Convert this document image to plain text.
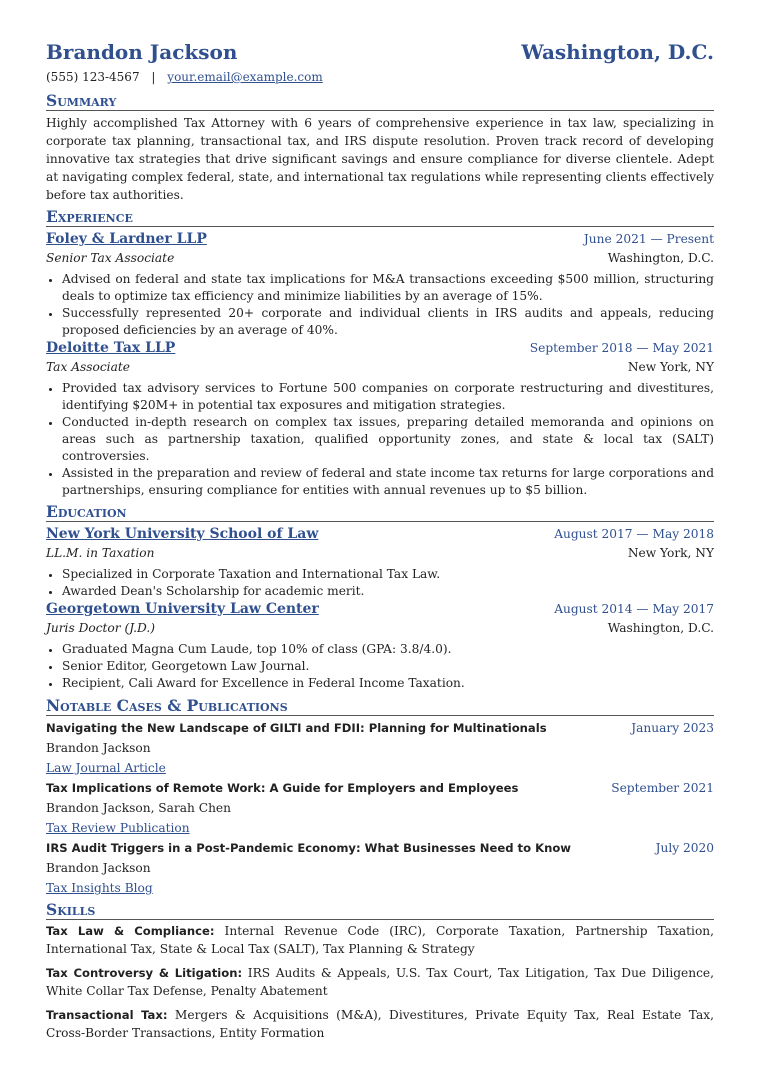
Brandon Jackson	Washington, D.C.
(555) 123-4567 | your.email@example.com
Summary
Highly accomplished Tax Attorney with 6 years of comprehensive experience in tax law, specializing in corporate tax planning, transactional tax, and IRS dispute resolution. Proven track record of developing innovative tax strategies that drive significant savings and ensure compliance for diverse clientele. Adept at navigating complex federal, state, and international tax regulations while representing clients effectively before tax authorities.
Experience
Foley & Lardner LLP	June 2021 — Present
Senior Tax Associate	Washington, D.C.
• Advised on federal and state tax implications for M&A transactions exceeding $500 million, structuring deals to optimize tax efficiency and minimize liabilities by an average of 15%.
• Successfully represented 20+ corporate and individual clients in IRS audits and appeals, reducing proposed deficiencies by an average of 40%.
Deloitte Tax LLP	September 2018 — May 2021
Tax Associate	New York, NY
• Provided tax advisory services to Fortune 500 companies on corporate restructuring and divestitures, identifying $20M+ in potential tax exposures and mitigation strategies.
• Conducted in-depth research on complex tax issues, preparing detailed memoranda and opinions on areas such as partnership taxation, qualified opportunity zones, and state & local tax (SALT) controversies.
• Assisted in the preparation and review of federal and state income tax returns for large corporations and partnerships, ensuring compliance for entities with annual revenues up to $5 billion.
Education
New York University School of Law	August 2017 — May 2018
LL.M. in Taxation	New York, NY
• Specialized in Corporate Taxation and International Tax Law.
• Awarded Dean's Scholarship for academic merit.
Georgetown University Law Center	August 2014 — May 2017
Juris Doctor (J.D.)	Washington, D.C.
• Graduated Magna Cum Laude, top 10% of class (GPA: 3.8/4.0).
• Senior Editor, Georgetown Law Journal.
• Recipient, Cali Award for Excellence in Federal Income Taxation.
Notable Cases & Publications
Navigating the New Landscape of GILTI and FDII: Planning for Multinationals	January 2023
Brandon Jackson
Law Journal Article
Tax Implications of Remote Work: A Guide for Employers and Employees	September 2021
Brandon Jackson, Sarah Chen
Tax Review Publication
IRS Audit Triggers in a Post-Pandemic Economy: What Businesses Need to Know	July 2020
Brandon Jackson
Tax Insights Blog
Skills
Tax Law & Compliance: Internal Revenue Code (IRC), Corporate Taxation, Partnership Taxation, International Tax, State & Local Tax (SALT), Tax Planning & Strategy
Tax Controversy & Litigation: IRS Audits & Appeals, U.S. Tax Court, Tax Litigation, Tax Due Diligence, White Collar Tax Defense, Penalty Abatement
Transactional Tax: Mergers & Acquisitions (M&A), Divestitures, Private Equity Tax, Real Estate Tax, Cross-Border Transactions, Entity Formation
